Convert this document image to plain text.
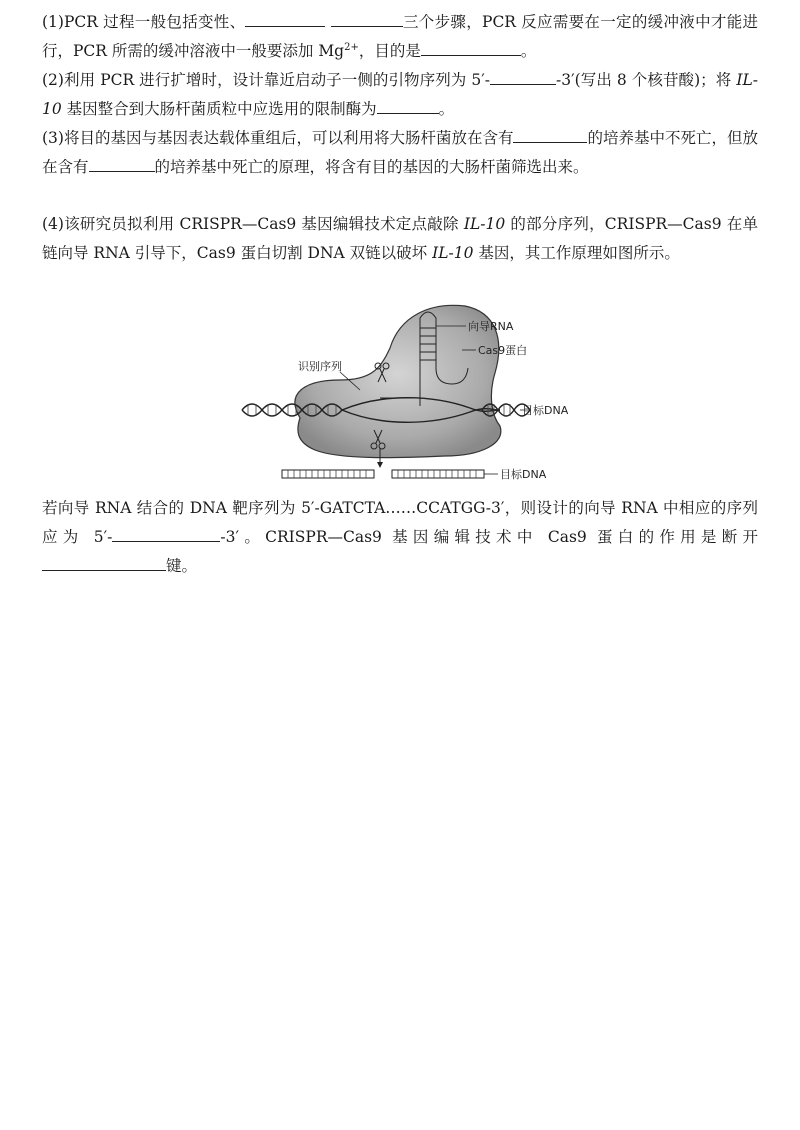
(1)PCR 过程一般包括变性、	三个步骤，PCR 反应需要在一定的缓冲液中才能进行，PCR 所需的缓冲溶液中一般要添加 $Mg^{2+}$，目的是	。
(2)利用 PCR 进行扩增时，设计靠近启动子一侧的引物序列为 5′-	-3′(写出 8 个核苷酸)；将 IL-10 基因整合到大肠杆菌质粒中应选用的限制酶为	。
(3)将目的基因与基因表达载体重组后，可以利用将大肠杆菌放在含有	的培养基中不死亡，但放在含有	的培养基中死亡的原理，将含有目的基因的大肠杆菌筛选出来。
(4)该研究员拟利用 CRISPR—Cas9 基因编辑技术定点敲除 IL-10 的部分序列，CRISPR—Cas9 在单链向导 RNA 引导下，Cas9 蛋白切割 DNA 双链以破坏 IL-10 基因，其工作原理如图所示。
向导RNA
Cas9蛋白
识别序列
目标DNA
目标DNA
若向导 RNA 结合的 DNA 靶序列为 5′-GATCTA……CCATGG-3′，则设计的向导 RNA 中相应的序列应为 5′-	-3′。CRISPR—Cas9 基因编辑技术中 Cas9 蛋白的作用是断开键。
